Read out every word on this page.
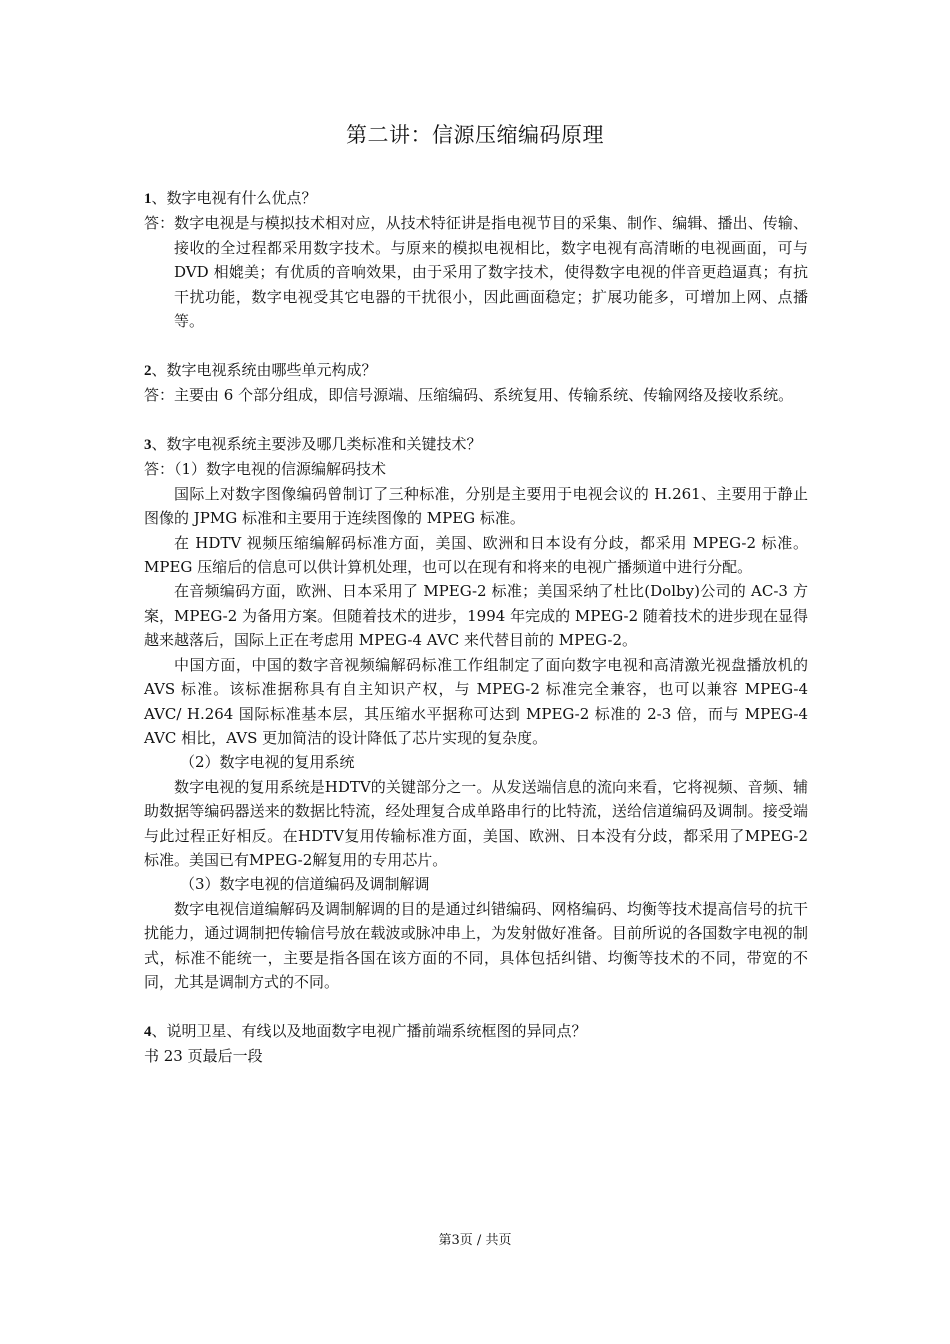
第二讲：信源压缩编码原理

1、数字电视有什么优点？

答：数字电视是与模拟技术相对应，从技术特征讲是指电视节目的采集、制作、编辑、播出、传输、接收的全过程都采用数字技术。与原来的模拟电视相比，数字电视有高清晰的电视画面，可与 DVD 相媲美；有优质的音响效果，由于采用了数字技术，使得数字电视的伴音更趋逼真；有抗干扰功能，数字电视受其它电器的干扰很小，因此画面稳定；扩展功能多，可增加上网、点播等。

2、数字电视系统由哪些单元构成？

答：主要由 6 个部分组成，即信号源端、压缩编码、系统复用、传输系统、传输网络及接收系统。

3、数字电视系统主要涉及哪几类标准和关键技术？

答：（1）数字电视的信源编解码技术

国际上对数字图像编码曾制订了三种标准，分别是主要用于电视会议的 H.261、主要用于静止图像的 JPMG 标准和主要用于连续图像的 MPEG 标准。

在 HDTV 视频压缩编解码标准方面，美国、欧洲和日本设有分歧，都采用 MPEG-2 标准。MPEG 压缩后的信息可以供计算机处理，也可以在现有和将来的电视广播频道中进行分配。

在音频编码方面，欧洲、日本采用了 MPEG-2 标准；美国采纳了杜比(Dolby)公司的 AC-3 方案，MPEG-2 为备用方案。但随着技术的进步，1994 年完成的 MPEG-2 随着技术的进步现在显得越来越落后，国际上正在考虑用 MPEG-4 AVC 来代替目前的 MPEG-2。

中国方面，中国的数字音视频编解码标准工作组制定了面向数字电视和高清激光视盘播放机的 AVS 标准。该标准据称具有自主知识产权，与 MPEG-2 标准完全兼容，也可以兼容 MPEG-4 AVC/ H.264 国际标准基本层，其压缩水平据称可达到 MPEG-2 标准的 2-3 倍，而与 MPEG-4 AVC 相比，AVS 更加简洁的设计降低了芯片实现的复杂度。

（2）数字电视的复用系统

数字电视的复用系统是HDTV的关键部分之一。从发送端信息的流向来看，它将视频、音频、辅助数据等编码器送来的数据比特流，经处理复合成单路串行的比特流，送给信道编码及调制。接受端与此过程正好相反。在HDTV复用传输标准方面，美国、欧洲、日本没有分歧，都采用了MPEG-2 标准。美国已有MPEG-2解复用的专用芯片。

（3）数字电视的信道编码及调制解调

数字电视信道编解码及调制解调的目的是通过纠错编码、网格编码、均衡等技术提高信号的抗干扰能力，通过调制把传输信号放在载波或脉冲串上，为发射做好准备。目前所说的各国数字电视的制式，标准不能统一，主要是指各国在该方面的不同，具体包括纠错、均衡等技术的不同，带宽的不同，尤其是调制方式的不同。

4、说明卫星、有线以及地面数字电视广播前端系统框图的异同点？

书 23 页最后一段

第3页 / 共页
